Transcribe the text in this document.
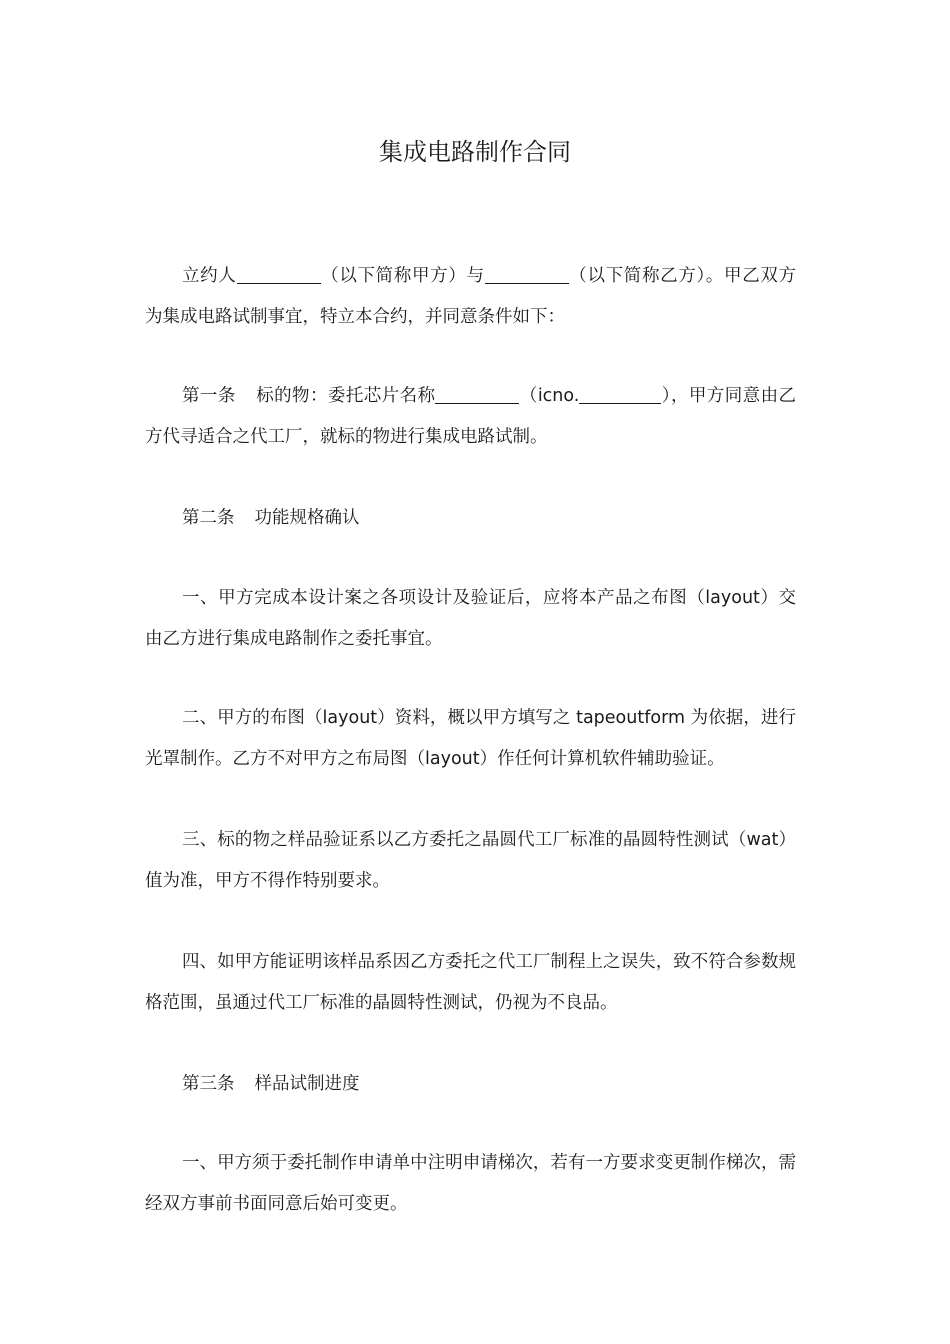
集成电路制作合同

立约人	（以下简称甲方）与	（以下简称乙方）。甲乙双方为集成电路试制事宜，特立本合约，并同意条件如下：

第一条 标的物：委托芯片名称	（icno.	），甲方同意由乙方代寻适合之代工厂，就标的物进行集成电路试制。

第二条 功能规格确认

一、甲方完成本设计案之各项设计及验证后，应将本产品之布图（layout）交由乙方进行集成电路制作之委托事宜。

二、甲方的布图（layout）资料，概以甲方填写之 tapeoutform 为依据，进行光罩制作。乙方不对甲方之布局图（layout）作任何计算机软件辅助验证。

三、标的物之样品验证系以乙方委托之晶圆代工厂标准的晶圆特性测试（wat）值为准，甲方不得作特别要求。

四、如甲方能证明该样品系因乙方委托之代工厂制程上之误失，致不符合参数规格范围，虽通过代工厂标准的晶圆特性测试，仍视为不良品。

第三条 样品试制进度

一、甲方须于委托制作申请单中注明申请梯次，若有一方要求变更制作梯次，需经双方事前书面同意后始可变更。
